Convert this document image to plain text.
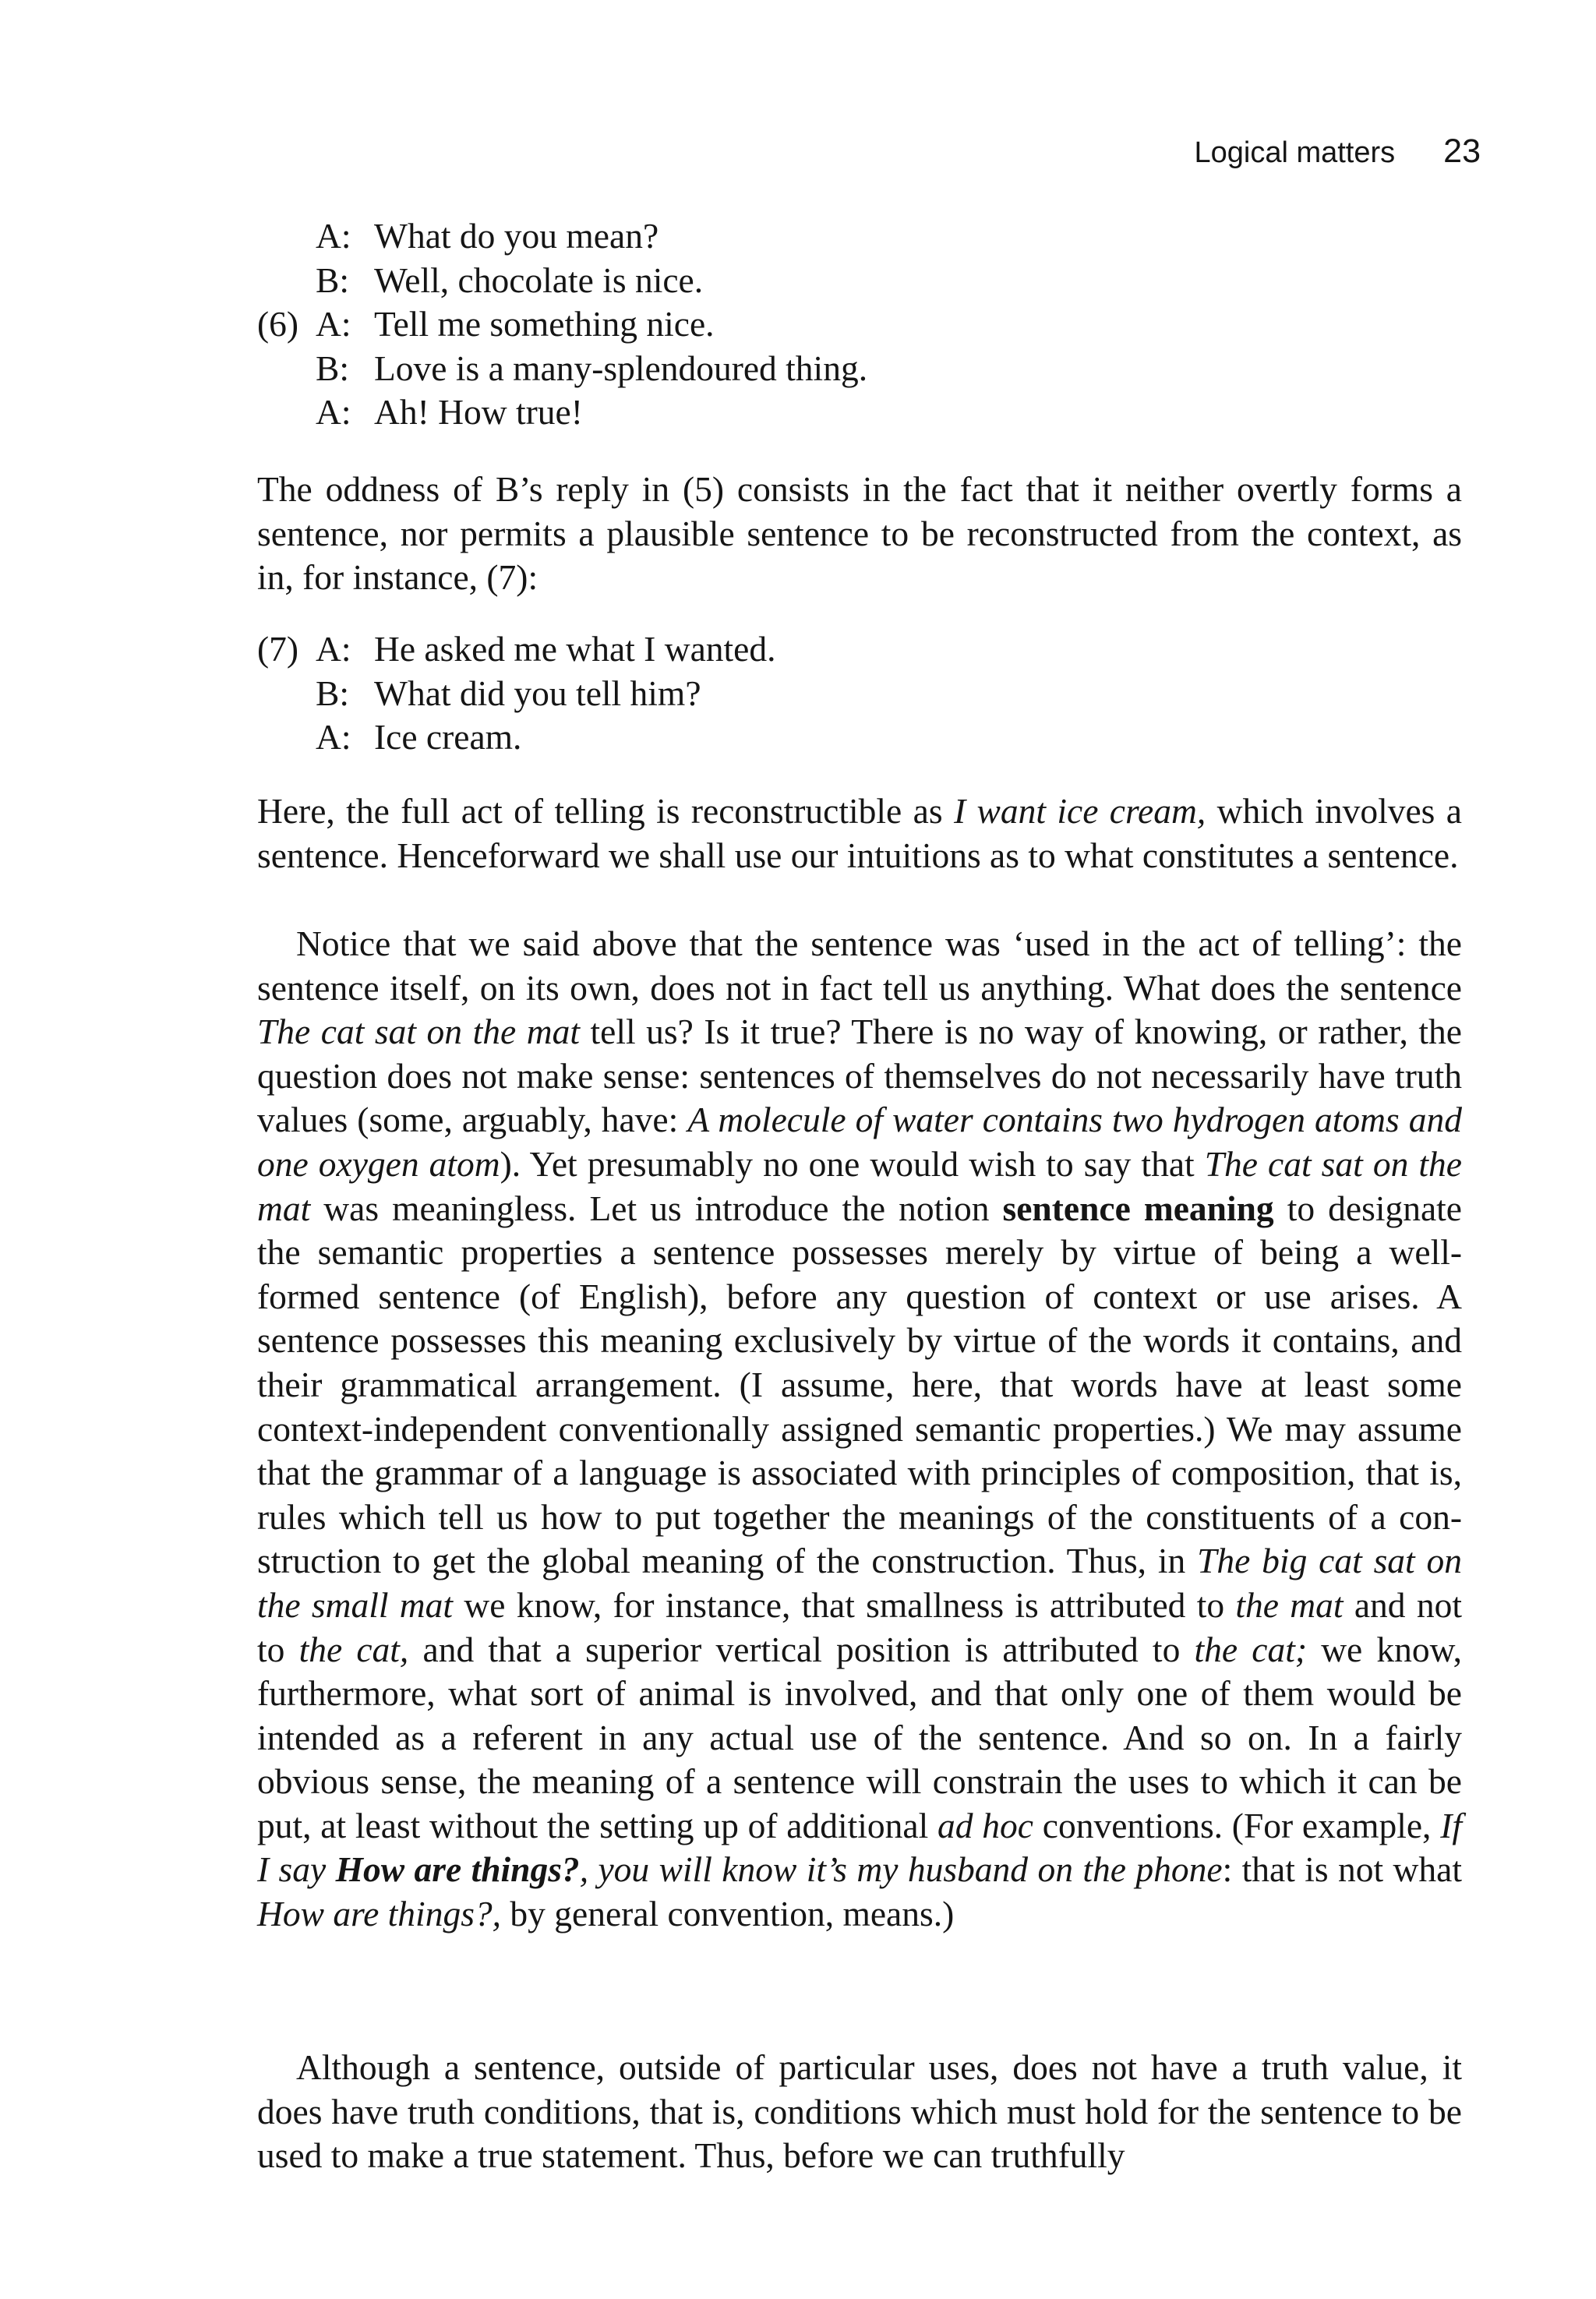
Logical matters 23
A: What do you mean?
B: Well, chocolate is nice.
(6) A: Tell me something nice.
B: Love is a many-splendoured thing.
A: Ah! How true!

The oddness of B’s reply in (5) consists in the fact that it neither overtly forms a sentence, nor permits a plausible sentence to be reconstructed from the context, as in, for instance, (7):

(7) A: He asked me what I wanted.
B: What did you tell him?
A: Ice cream.

Here, the full act of telling is reconstructible as I want ice cream, which involves a sentence. Henceforward we shall use our intuitions as to what constitutes a sentence.

Notice that we said above that the sentence was ‘used in the act of telling’: the sentence itself, on its own, does not in fact tell us anything. What does the sentence The cat sat on the mat tell us? Is it true? There is no way of knowing, or rather, the question does not make sense: sentences of themselves do not necessarily have truth values (some, arguably, have: A molecule of water contains two hydrogen atoms and one oxygen atom). Yet presumably no one would wish to say that The cat sat on the mat was meaningless. Let us introduce the notion sentence meaning to designate the semantic properties a sentence possesses merely by virtue of being a well-formed sentence (of English), before any question of context or use arises. A sentence possesses this meaning exclusively by virtue of the words it contains, and their grammatical arrangement. (I assume, here, that words have at least some context-independent conventionally assigned semantic properties.) We may assume that the grammar of a language is associated with principles of composition, that is, rules which tell us how to put together the meanings of the constituents of a construction to get the global meaning of the construction. Thus, in The big cat sat on the small mat we know, for instance, that smallness is attributed to the mat and not to the cat, and that a superior vertical position is attributed to the cat; we know, furthermore, what sort of animal is involved, and that only one of them would be intended as a referent in any actual use of the sentence. And so on. In a fairly obvious sense, the meaning of a sentence will constrain the uses to which it can be put, at least without the setting up of additional ad hoc conventions. (For example, If I say How are things?, you will know it’s my husband on the phone: that is not what How are things?, by general convention, means.)

Although a sentence, outside of particular uses, does not have a truth value, it does have truth conditions, that is, conditions which must hold for the sentence to be used to make a true statement. Thus, before we can truthfully
